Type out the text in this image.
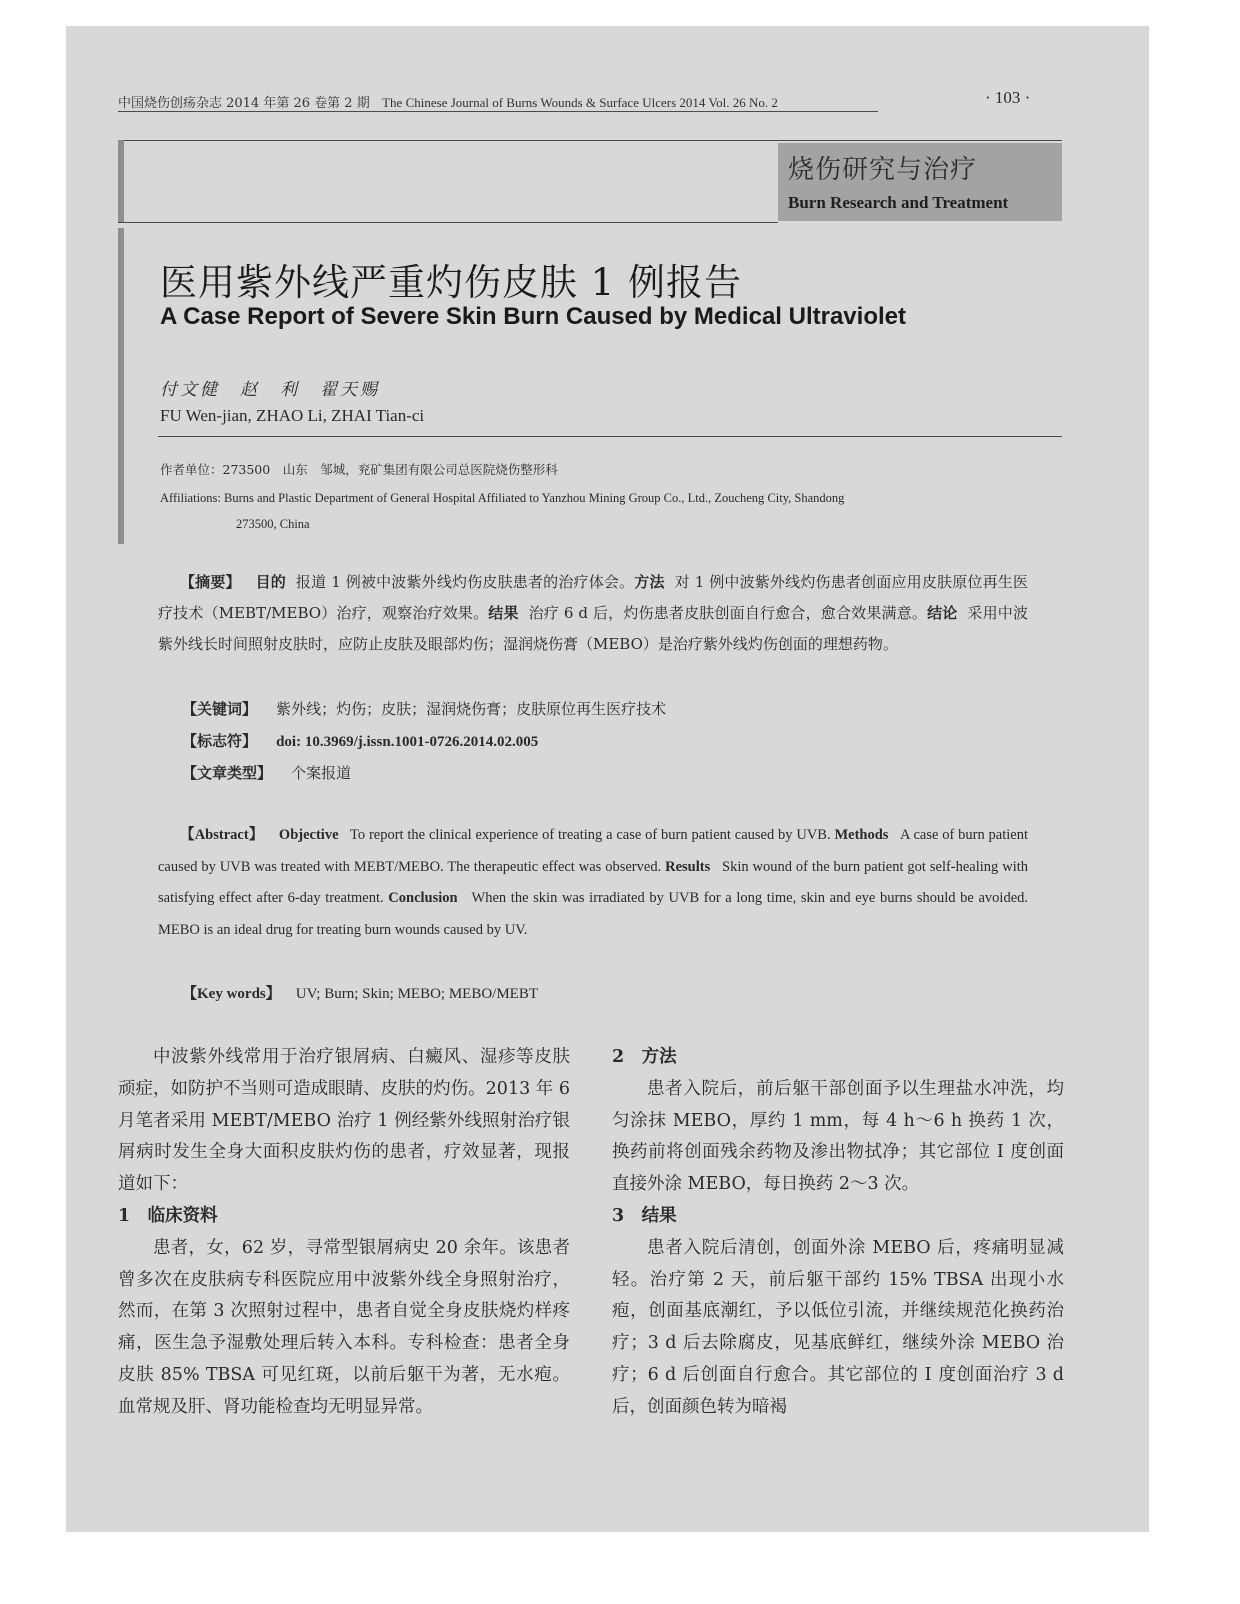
中国烧伤创疡杂志 2014 年第 26 卷第 2 期 The Chinese Journal of Burns Wounds & Surface Ulcers 2014 Vol. 26 No. 2	· 103 ·
烧伤研究与治疗
Burn Research and Treatment
医用紫外线严重灼伤皮肤 1 例报告
A Case Report of Severe Skin Burn Caused by Medical Ultraviolet
付文健　赵　利　翟天赐
FU Wen-jian, ZHAO Li, ZHAI Tian-ci
作者单位：273500　山东　邹城，兖矿集团有限公司总医院烧伤整形科
Affiliations: Burns and Plastic Department of General Hospital Affiliated to Yanzhou Mining Group Co., Ltd., Zoucheng City, Shandong
273500, China
【摘要】 目的 报道 1 例被中波紫外线灼伤皮肤患者的治疗体会。方法 对 1 例中波紫外线灼伤患者创面应用皮肤原位再生医疗技术（MEBT/MEBO）治疗，观察治疗效果。结果 治疗 6 d 后，灼伤患者皮肤创面自行愈合，愈合效果满意。结论 采用中波紫外线长时间照射皮肤时，应防止皮肤及眼部灼伤；湿润烧伤膏（MEBO）是治疗紫外线灼伤创面的理想药物。
【关键词】 紫外线；灼伤；皮肤；湿润烧伤膏；皮肤原位再生医疗技术
【标志符】 doi: 10.3969/j.issn.1001-0726.2014.02.005
【文章类型】 个案报道
【Abstract】 Objective To report the clinical experience of treating a case of burn patient caused by UVB. Methods A case of burn patient caused by UVB was treated with MEBT/MEBO. The therapeutic effect was observed. Results Skin wound of the burn patient got self-healing with satisfying effect after 6-day treatment. Conclusion When the skin was irradiated by UVB for a long time, skin and eye burns should be avoided. MEBO is an ideal drug for treating burn wounds caused by UV.
【Key words】 UV; Burn; Skin; MEBO; MEBO/MEBT

中波紫外线常用于治疗银屑病、白癜风、湿疹等皮肤顽症，如防护不当则可造成眼睛、皮肤的灼伤。2013 年 6 月笔者采用 MEBT/MEBO 治疗 1 例经紫外线照射治疗银屑病时发生全身大面积皮肤灼伤的患者，疗效显著，现报道如下：

1　临床资料

患者，女，62 岁，寻常型银屑病史 20 余年。该患者曾多次在皮肤病专科医院应用中波紫外线全身照射治疗，然而，在第 3 次照射过程中，患者自觉全身皮肤烧灼样疼痛，医生急予湿敷处理后转入本科。专科检查：患者全身皮肤 85% TBSA 可见红斑，以前后躯干为著，无水疱。血常规及肝、肾功能检查均无明显异常。

2　方法

患者入院后，前后躯干部创面予以生理盐水冲洗，均匀涂抹 MEBO，厚约 1 mm，每 4 h～6 h 换药 1 次，换药前将创面残余药物及渗出物拭净；其它部位 Ⅰ 度创面直接外涂 MEBO，每日换药 2～3 次。

3　结果

患者入院后清创，创面外涂 MEBO 后，疼痛明显减轻。治疗第 2 天，前后躯干部约 15% TBSA 出现小水疱，创面基底潮红，予以低位引流，并继续规范化换药治疗；3 d 后去除腐皮，见基底鲜红，继续外涂 MEBO 治疗；6 d 后创面自行愈合。其它部位的 Ⅰ 度创面治疗 3 d 后，创面颜色转为暗褐
